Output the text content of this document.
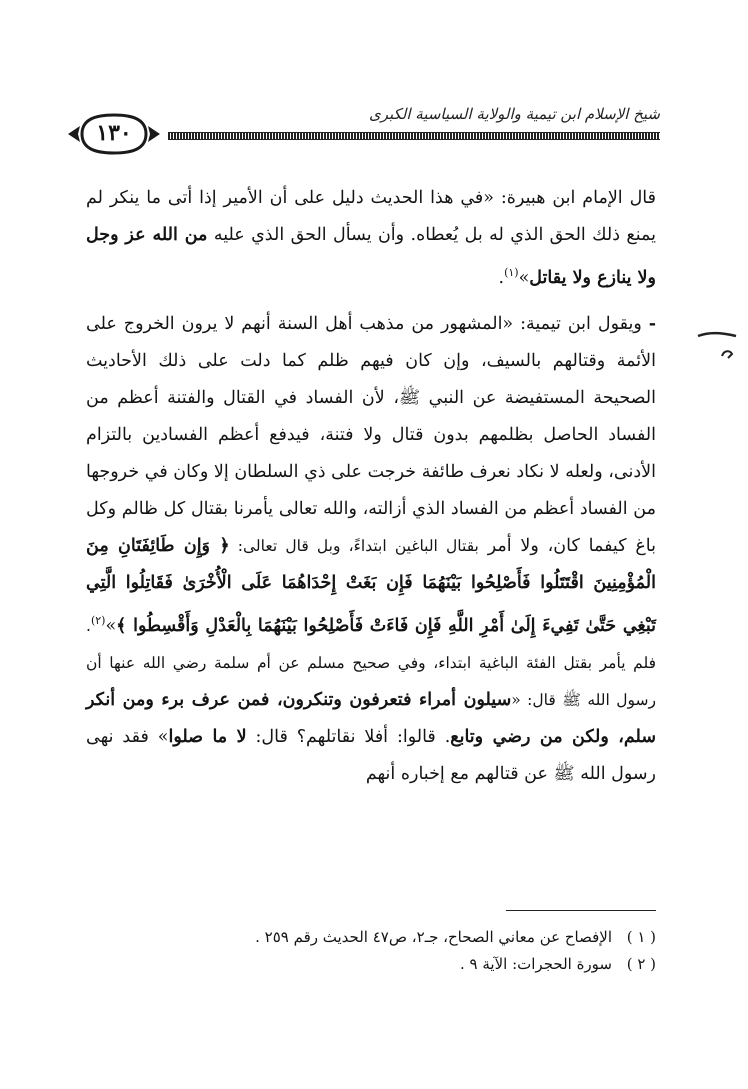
شيخ الإسلام ابن تيمية والولاية السياسية الكبرى
١٣٠

قال الإمام ابن هبيرة: «في هذا الحديث دليل على أن الأمير إذا أتى ما ينكر لم يمنع ذلك الحق الذي له بل يُعطاه. وأن يسأل الحق الذي عليه من الله عز وجل ولا ينازع ولا يقاتل»$^{(١)}$.

- ويقول ابن تيمية: «المشهور من مذهب أهل السنة أنهم لا يرون الخروج على الأئمة وقتالهم بالسيف، وإن كان فيهم ظلم كما دلت على ذلك الأحاديث الصحيحة المستفيضة عن النبي ﷺ، لأن الفساد في القتال والفتنة أعظم من الفساد الحاصل بظلمهم بدون قتال ولا فتنة، فيدفع أعظم الفسادين بالتزام الأدنى، ولعله لا نكاد نعرف طائفة خرجت على ذي السلطان إلا وكان في خروجها من الفساد أعظم من الفساد الذي أزالته، والله تعالى يأمرنا بقتال كل ظالم وكل باغ كيفما كان، ولا أمر بقتال الباغين ابتداءً، وبل قال تعالى: ﴿ وَإِن طَائِفَتَانِ مِنَ الْمُؤْمِنِينَ اقْتَتَلُوا فَأَصْلِحُوا بَيْنَهُمَا فَإِن بَغَتْ إِحْدَاهُمَا عَلَى الْأُخْرَىٰ فَقَاتِلُوا الَّتِي تَبْغِي حَتَّىٰ تَفِيءَ إِلَىٰ أَمْرِ اللَّهِ فَإِن فَاءَتْ فَأَصْلِحُوا بَيْنَهُمَا بِالْعَدْلِ وَأَقْسِطُوا ﴾»$^{(٢)}$. فلم يأمر بقتل الفئة الباغية ابتداء، وفي صحيح مسلم عن أم سلمة رضي الله عنها أن رسول الله ﷺ قال: «سيلون أمراء فتعرفون وتنكرون، فمن عرف برء ومن أنكر سلم، ولكن من رضي وتابع. قالوا: أفلا نقاتلهم؟ قال: لا ما صلوا» فقد نهى رسول الله ﷺ عن قتالهم مع إخباره أنهم

( ١ )الإفصاح عن معاني الصحاح، جـ٢، ص٤٧ الحديث رقم ٢٥٩ .
( ٢ )سورة الحجرات: الآية ٩ .
